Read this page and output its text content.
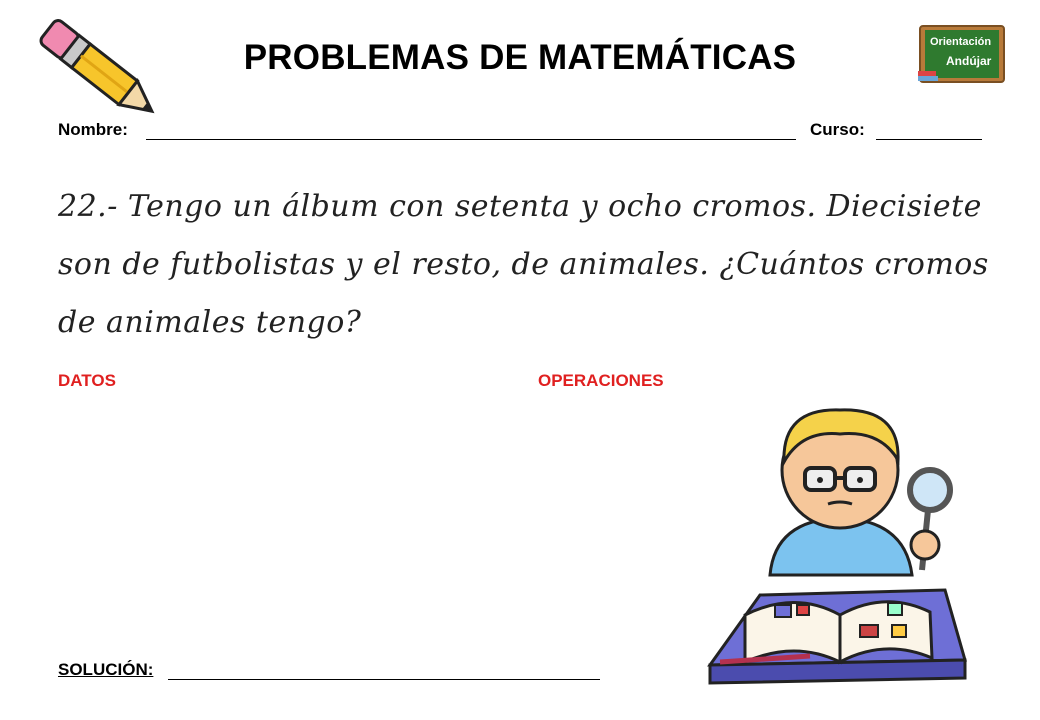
PROBLEMAS DE MATEMÁTICAS	Orientación
Andújar
Nombre:	Curso:
22.- Tengo un álbum con setenta y ocho cromos. Diecisiete
son de futbolistas y el resto, de animales. ¿Cuántos cromos
de animales tengo?
DATOS	OPERACIONES
SOLUCIÓN:
